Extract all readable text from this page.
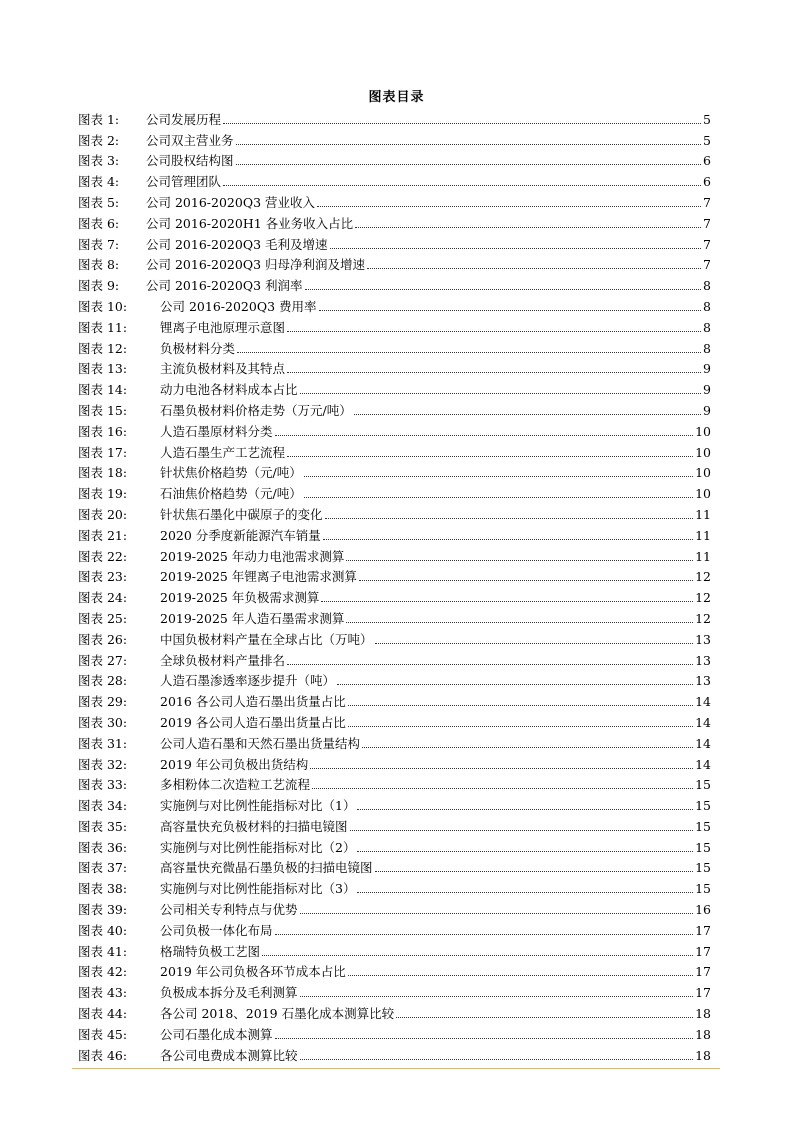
图表目录
图表 1:	公司发展历程	5
图表 2:	公司双主营业务	5
图表 3:	公司股权结构图	6
图表 4:	公司管理团队	6
图表 5:	公司 2016-2020Q3 营业收入	7
图表 6:	公司 2016-2020H1 各业务收入占比	7
图表 7:	公司 2016-2020Q3 毛利及增速	7
图表 8:	公司 2016-2020Q3 归母净利润及增速	7
图表 9:	公司 2016-2020Q3 利润率	8
图表 10:	公司 2016-2020Q3 费用率	8
图表 11:	锂离子电池原理示意图	8
图表 12:	负极材料分类	8
图表 13:	主流负极材料及其特点	9
图表 14:	动力电池各材料成本占比	9
图表 15:	石墨负极材料价格走势（万元/吨）	9
图表 16:	人造石墨原材料分类	10
图表 17:	人造石墨生产工艺流程	10
图表 18:	针状焦价格趋势（元/吨）	10
图表 19:	石油焦价格趋势（元/吨）	10
图表 20:	针状焦石墨化中碳原子的变化	11
图表 21:	2020 分季度新能源汽车销量	11
图表 22:	2019-2025 年动力电池需求测算	11
图表 23:	2019-2025 年锂离子电池需求测算	12
图表 24:	2019-2025 年负极需求测算	12
图表 25:	2019-2025 年人造石墨需求测算	12
图表 26:	中国负极材料产量在全球占比（万吨）	13
图表 27:	全球负极材料产量排名	13
图表 28:	人造石墨渗透率逐步提升（吨）	13
图表 29:	2016 各公司人造石墨出货量占比	14
图表 30:	2019 各公司人造石墨出货量占比	14
图表 31:	公司人造石墨和天然石墨出货量结构	14
图表 32:	2019 年公司负极出货结构	14
图表 33:	多相粉体二次造粒工艺流程	15
图表 34:	实施例与对比例性能指标对比（1）	15
图表 35:	高容量快充负极材料的扫描电镜图	15
图表 36:	实施例与对比例性能指标对比（2）	15
图表 37:	高容量快充微晶石墨负极的扫描电镜图	15
图表 38:	实施例与对比例性能指标对比（3）	15
图表 39:	公司相关专利特点与优势	16
图表 40:	公司负极一体化布局	17
图表 41:	格瑞特负极工艺图	17
图表 42:	2019 年公司负极各环节成本占比	17
图表 43:	负极成本拆分及毛利测算	17
图表 44:	各公司 2018、2019 石墨化成本测算比较	18
图表 45:	公司石墨化成本测算	18
图表 46:	各公司电费成本测算比较	18
